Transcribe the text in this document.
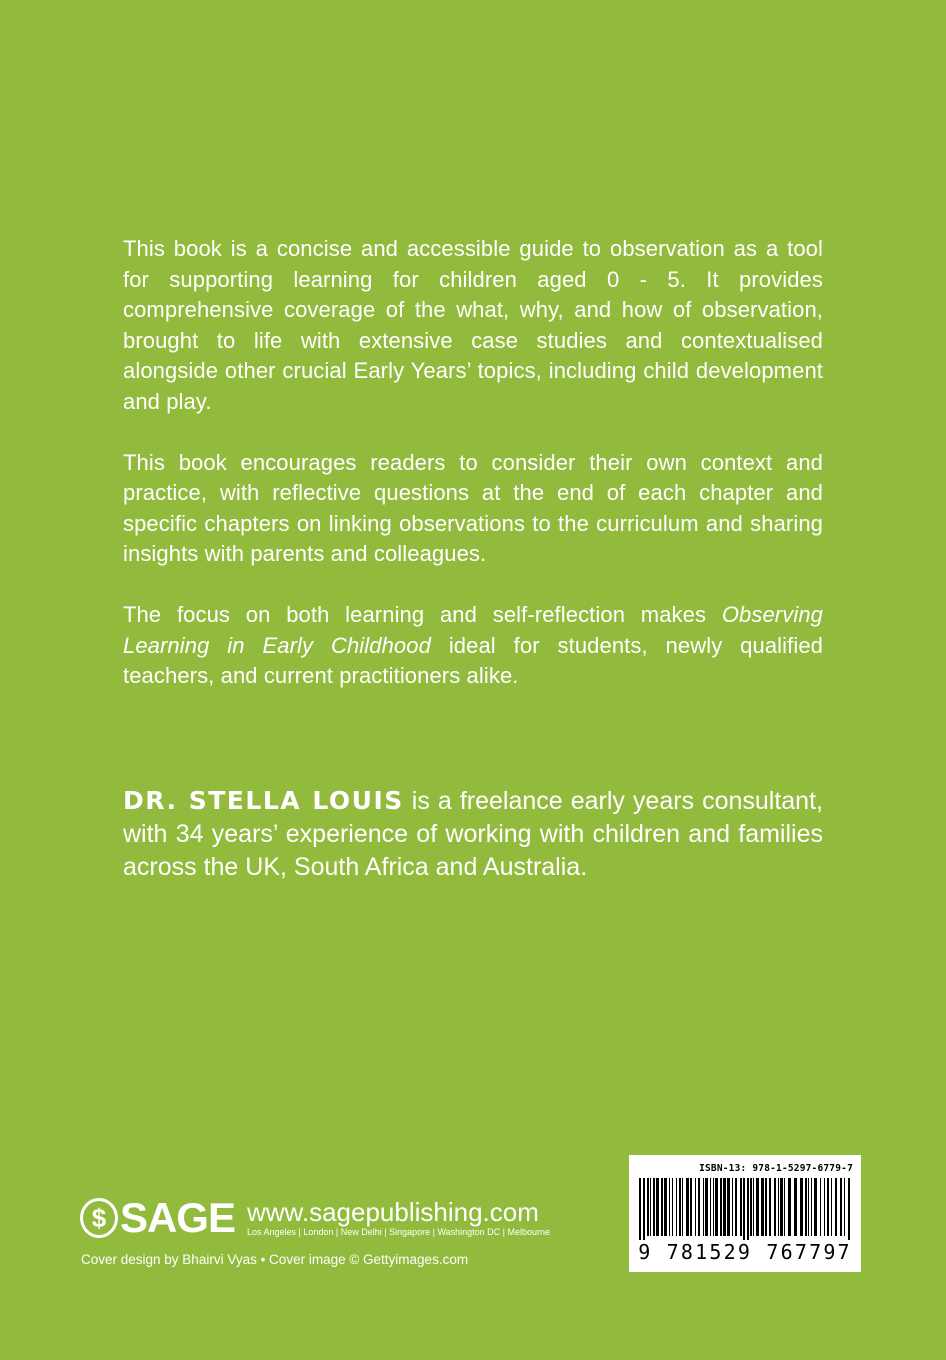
This book is a concise and accessible guide to observation as a tool for supporting learning for children aged 0 - 5. It provides comprehensive coverage of the what, why, and how of observation, brought to life with extensive case studies and contextualised alongside other crucial Early Years’ topics, including child development and play.

This book encourages readers to consider their own context and practice, with reflective questions at the end of each chapter and specific chapters on linking observations to the curriculum and sharing insights with parents and colleagues.

The focus on both learning and self-reflection makes Observing Learning in Early Childhood ideal for students, newly qualified teachers, and current practitioners alike.

DR. STELLA LOUIS is a freelance early years consultant, with 34 years’ experience of working with children and families across the UK, South Africa and Australia.

$ SAGE www.sagepublishing.com
Los Angeles | London | New Delhi | Singapore | Washington DC | Melbourne
Cover design by Bhairvi Vyas • Cover image © Gettyimages.com
ISBN-13: 978-1-5297-6779-7
9 781529 767797
